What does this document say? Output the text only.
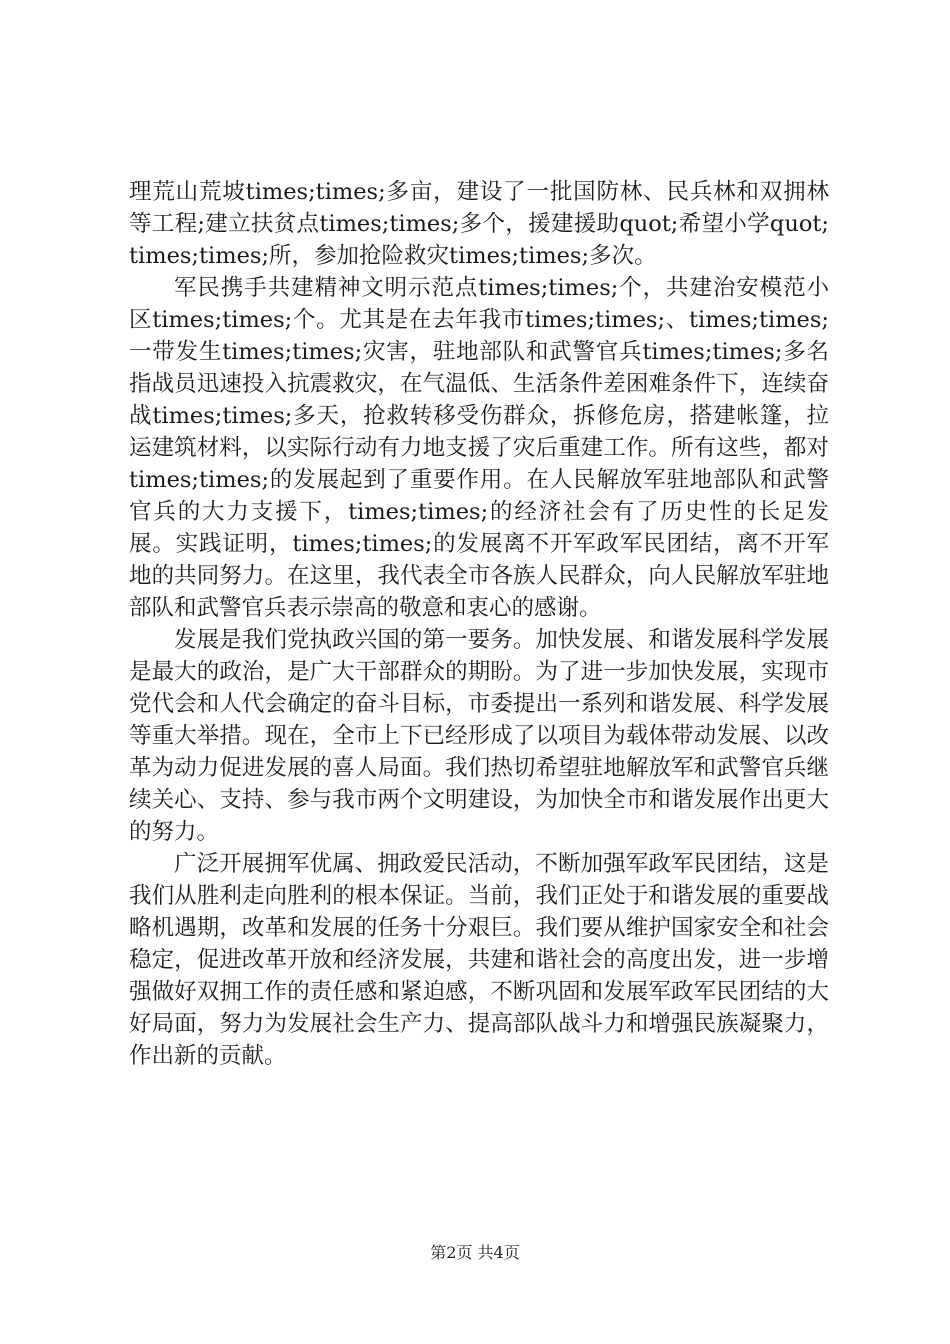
理荒山荒坡times;times;多亩，建设了一批国防林、民兵林和双拥林等工程;建立扶贫点times;times;多个，援建援助quot;希望小学quot;times;times;所，参加抢险救灾times;times;多次。

军民携手共建精神文明示范点times;times;个，共建治安模范小区times;times;个。尤其是在去年我市times;times;、times;times;一带发生times;times;灾害，驻地部队和武警官兵times;times;多名指战员迅速投入抗震救灾，在气温低、生活条件差困难条件下，连续奋战times;times;多天，抢救转移受伤群众，拆修危房，搭建帐篷，拉运建筑材料，以实际行动有力地支援了灾后重建工作。所有这些，都对times;times;的发展起到了重要作用。在人民解放军驻地部队和武警官兵的大力支援下，times;times;的经济社会有了历史性的长足发展。实践证明，times;times;的发展离不开军政军民团结，离不开军地的共同努力。在这里，我代表全市各族人民群众，向人民解放军驻地部队和武警官兵表示崇高的敬意和衷心的感谢。

发展是我们党执政兴国的第一要务。加快发展、和谐发展科学发展是最大的政治，是广大干部群众的期盼。为了进一步加快发展，实现市党代会和人代会确定的奋斗目标，市委提出一系列和谐发展、科学发展等重大举措。现在，全市上下已经形成了以项目为载体带动发展、以改革为动力促进发展的喜人局面。我们热切希望驻地解放军和武警官兵继续关心、支持、参与我市两个文明建设，为加快全市和谐发展作出更大的努力。

广泛开展拥军优属、拥政爱民活动，不断加强军政军民团结，这是我们从胜利走向胜利的根本保证。当前，我们正处于和谐发展的重要战略机遇期，改革和发展的任务十分艰巨。我们要从维护国家安全和社会稳定，促进改革开放和经济发展，共建和谐社会的高度出发，进一步增强做好双拥工作的责任感和紧迫感，不断巩固和发展军政军民团结的大好局面，努力为发展社会生产力、提高部队战斗力和增强民族凝聚力，作出新的贡献。

第2页 共4页
